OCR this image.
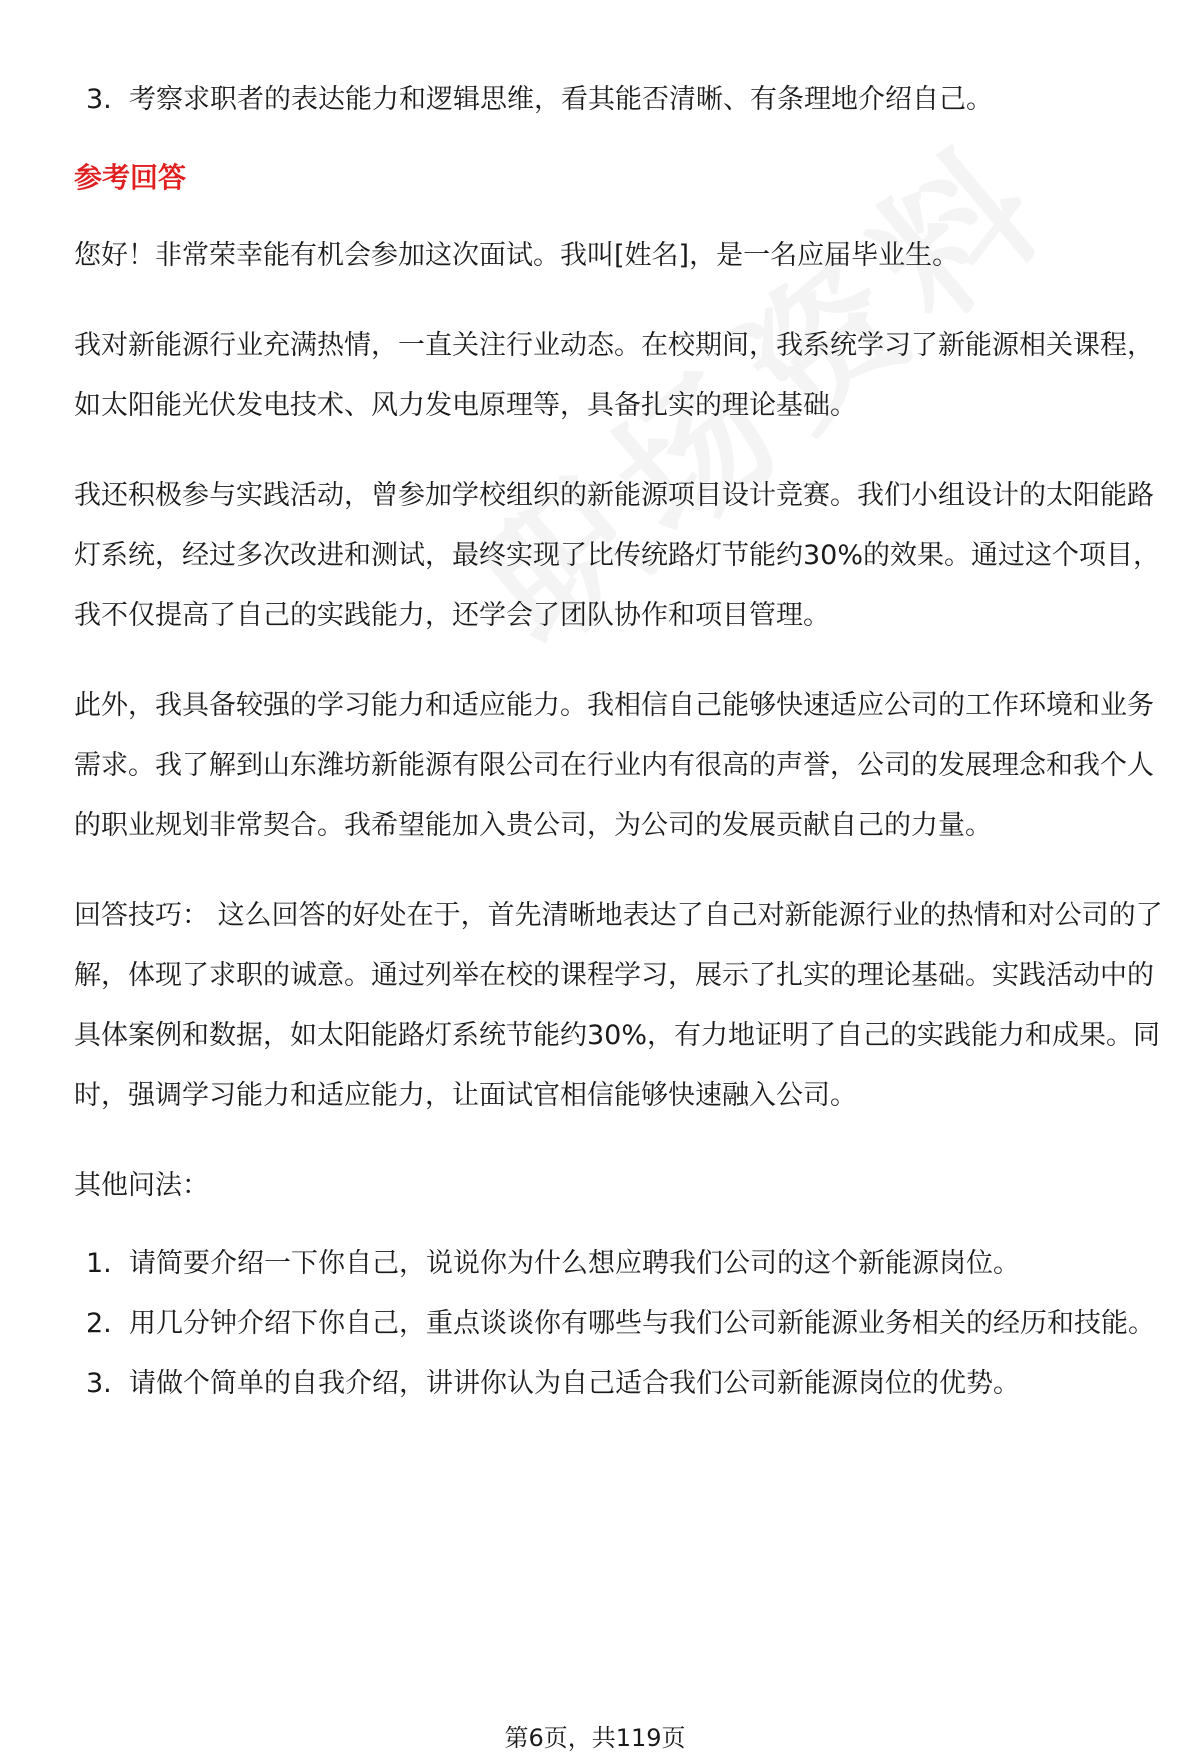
3. 考察求职者的表达能力和逻辑思维，看其能否清晰、有条理地介绍自己。

参考回答

您好！非常荣幸能有机会参加这次面试。我叫[姓名]，是一名应届毕业生。

我对新能源行业充满热情，一直关注行业动态。在校期间，我系统学习了新能源相关课程，如太阳能光伏发电技术、风力发电原理等，具备扎实的理论基础。

我还积极参与实践活动，曾参加学校组织的新能源项目设计竞赛。我们小组设计的太阳能路灯系统，经过多次改进和测试，最终实现了比传统路灯节能约30%的效果。通过这个项目，我不仅提高了自己的实践能力，还学会了团队协作和项目管理。

此外，我具备较强的学习能力和适应能力。我相信自己能够快速适应公司的工作环境和业务需求。我了解到山东潍坊新能源有限公司在行业内有很高的声誉，公司的发展理念和我个人的职业规划非常契合。我希望能加入贵公司，为公司的发展贡献自己的力量。

回答技巧： 这么回答的好处在于，首先清晰地表达了自己对新能源行业的热情和对公司的了解，体现了求职的诚意。通过列举在校的课程学习，展示了扎实的理论基础。实践活动中的具体案例和数据，如太阳能路灯系统节能约30%，有力地证明了自己的实践能力和成果。同时，强调学习能力和适应能力，让面试官相信能够快速融入公司。

其他问法：

1. 请简要介绍一下你自己，说说你为什么想应聘我们公司的这个新能源岗位。
2. 用几分钟介绍下你自己，重点谈谈你有哪些与我们公司新能源业务相关的经历和技能。
3. 请做个简单的自我介绍，讲讲你认为自己适合我们公司新能源岗位的优势。
第6页，共119页
